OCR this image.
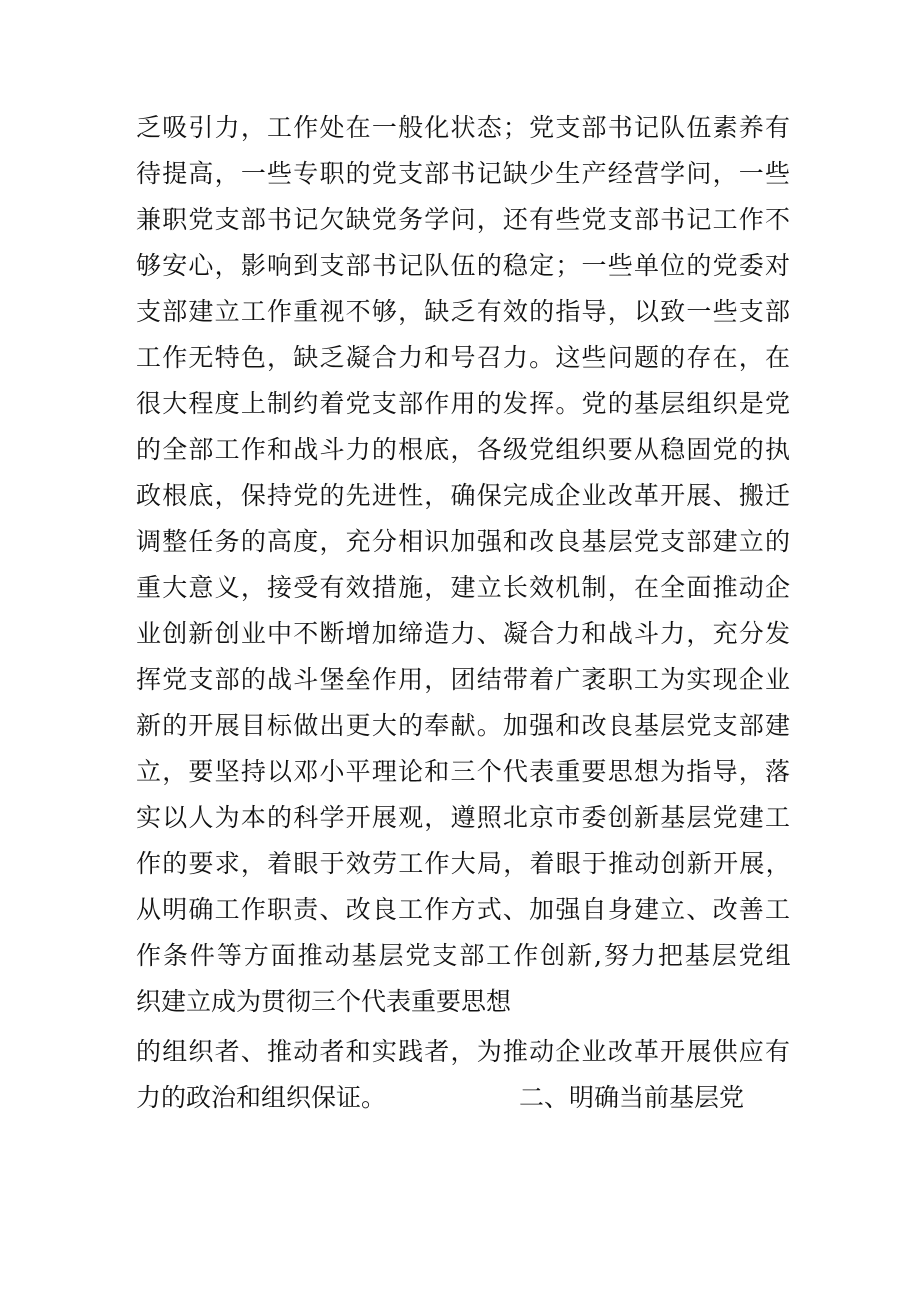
乏吸引力，工作处在一般化状态；党支部书记队伍素养有
待提高，一些专职的党支部书记缺少生产经营学问，一些
兼职党支部书记欠缺党务学问，还有些党支部书记工作不
够安心，影响到支部书记队伍的稳定；一些单位的党委对
支部建立工作重视不够，缺乏有效的指导，以致一些支部
工作无特色，缺乏凝合力和号召力。这些问题的存在，在
很大程度上制约着党支部作用的发挥。党的基层组织是党
的全部工作和战斗力的根底，各级党组织要从稳固党的执
政根底，保持党的先进性，确保完成企业改革开展、搬迁
调整任务的高度，充分相识加强和改良基层党支部建立的
重大意义，接受有效措施，建立长效机制，在全面推动企
业创新创业中不断增加缔造力、凝合力和战斗力，充分发
挥党支部的战斗堡垒作用，团结带着广袤职工为实现企业
新的开展目标做出更大的奉献。加强和改良基层党支部建
立，要坚持以邓小平理论和三个代表重要思想为指导，落
实以人为本的科学开展观，遵照北京市委创新基层党建工
作的要求，着眼于效劳工作大局，着眼于推动创新开展，
从明确工作职责、改良工作方式、加强自身建立、改善工
作条件等方面推动基层党支部工作创新,努力把基层党组
织建立成为贯彻三个代表重要思想
的组织者、推动者和实践者，为推动企业改革开展供应有
力的政治和组织保证。	二、明确当前基层党
